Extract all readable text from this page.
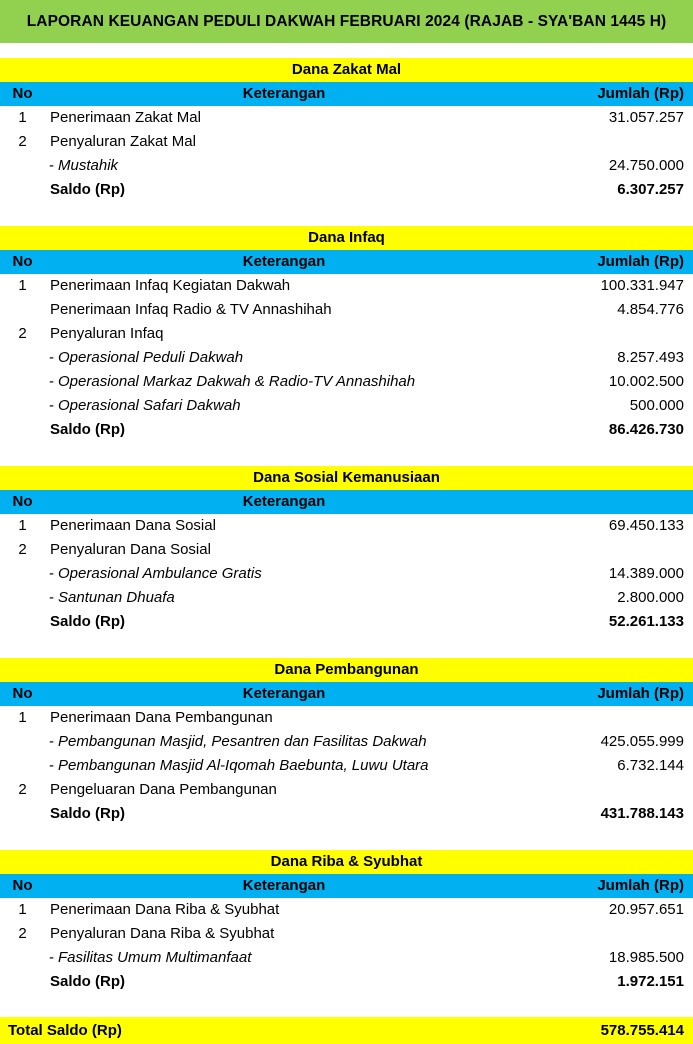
LAPORAN KEUANGAN PEDULI DAKWAH FEBRUARI 2024 (RAJAB - SYA'BAN 1445 H)
Dana Zakat Mal
No	Keterangan	Jumlah (Rp)
1	Penerimaan Zakat Mal	31.057.257
2	Penyaluran Zakat Mal
- Mustahik	24.750.000
Saldo (Rp)	6.307.257
Dana Infaq
No	Keterangan	Jumlah (Rp)
1	Penerimaan Infaq Kegiatan Dakwah	100.331.947
Penerimaan Infaq Radio & TV Annashihah	4.854.776
2	Penyaluran Infaq
- Operasional Peduli Dakwah	8.257.493
- Operasional Markaz Dakwah & Radio-TV Annashihah	10.002.500
- Operasional Safari Dakwah	500.000
Saldo (Rp)	86.426.730
Dana Sosial Kemanusiaan
No	Keterangan
1	Penerimaan Dana Sosial	69.450.133
2	Penyaluran Dana Sosial
- Operasional Ambulance Gratis	14.389.000
- Santunan Dhuafa	2.800.000
Saldo (Rp)	52.261.133
Dana Pembangunan
No	Keterangan	Jumlah (Rp)
1	Penerimaan Dana Pembangunan
- Pembangunan Masjid, Pesantren dan Fasilitas Dakwah	425.055.999
- Pembangunan Masjid Al-Iqomah Baebunta, Luwu Utara	6.732.144
2	Pengeluaran Dana Pembangunan
Saldo (Rp)	431.788.143
Dana Riba & Syubhat
No	Keterangan	Jumlah (Rp)
1	Penerimaan Dana Riba & Syubhat	20.957.651
2	Penyaluran Dana Riba & Syubhat
- Fasilitas Umum Multimanfaat	18.985.500
Saldo (Rp)	1.972.151
Total Saldo (Rp)	578.755.414
